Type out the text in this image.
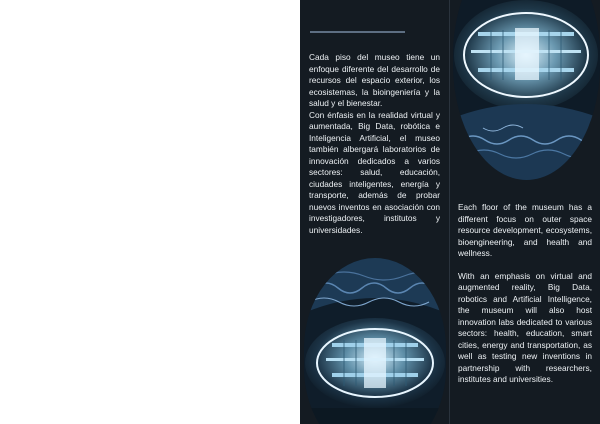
Cada piso del museo tiene un enfoque diferente del desarrollo de recursos del espacio exterior, los ecosistemas, la bioingeniería y la salud y el bienestar.

Con énfasis en la realidad virtual y aumentada, Big Data, robótica e Inteligencia Artificial, el museo también albergará laboratorios de innovación dedicados a varios sectores: salud, educación, ciudades inteligentes, energía y transporte, además de probar nuevos inventos en asociación con investigadores, institutos y universidades.

Each floor of the museum has a different focus on outer space resource development, ecosystems, bioengineering, and health and wellness.

With an emphasis on virtual and augmented reality, Big Data, robotics and Artificial Intelligence, the museum will also host innovation labs dedicated to various sectors: health, education, smart cities, energy and transportation, as well as testing new inventions in partnership with researchers, institutes and universities.
